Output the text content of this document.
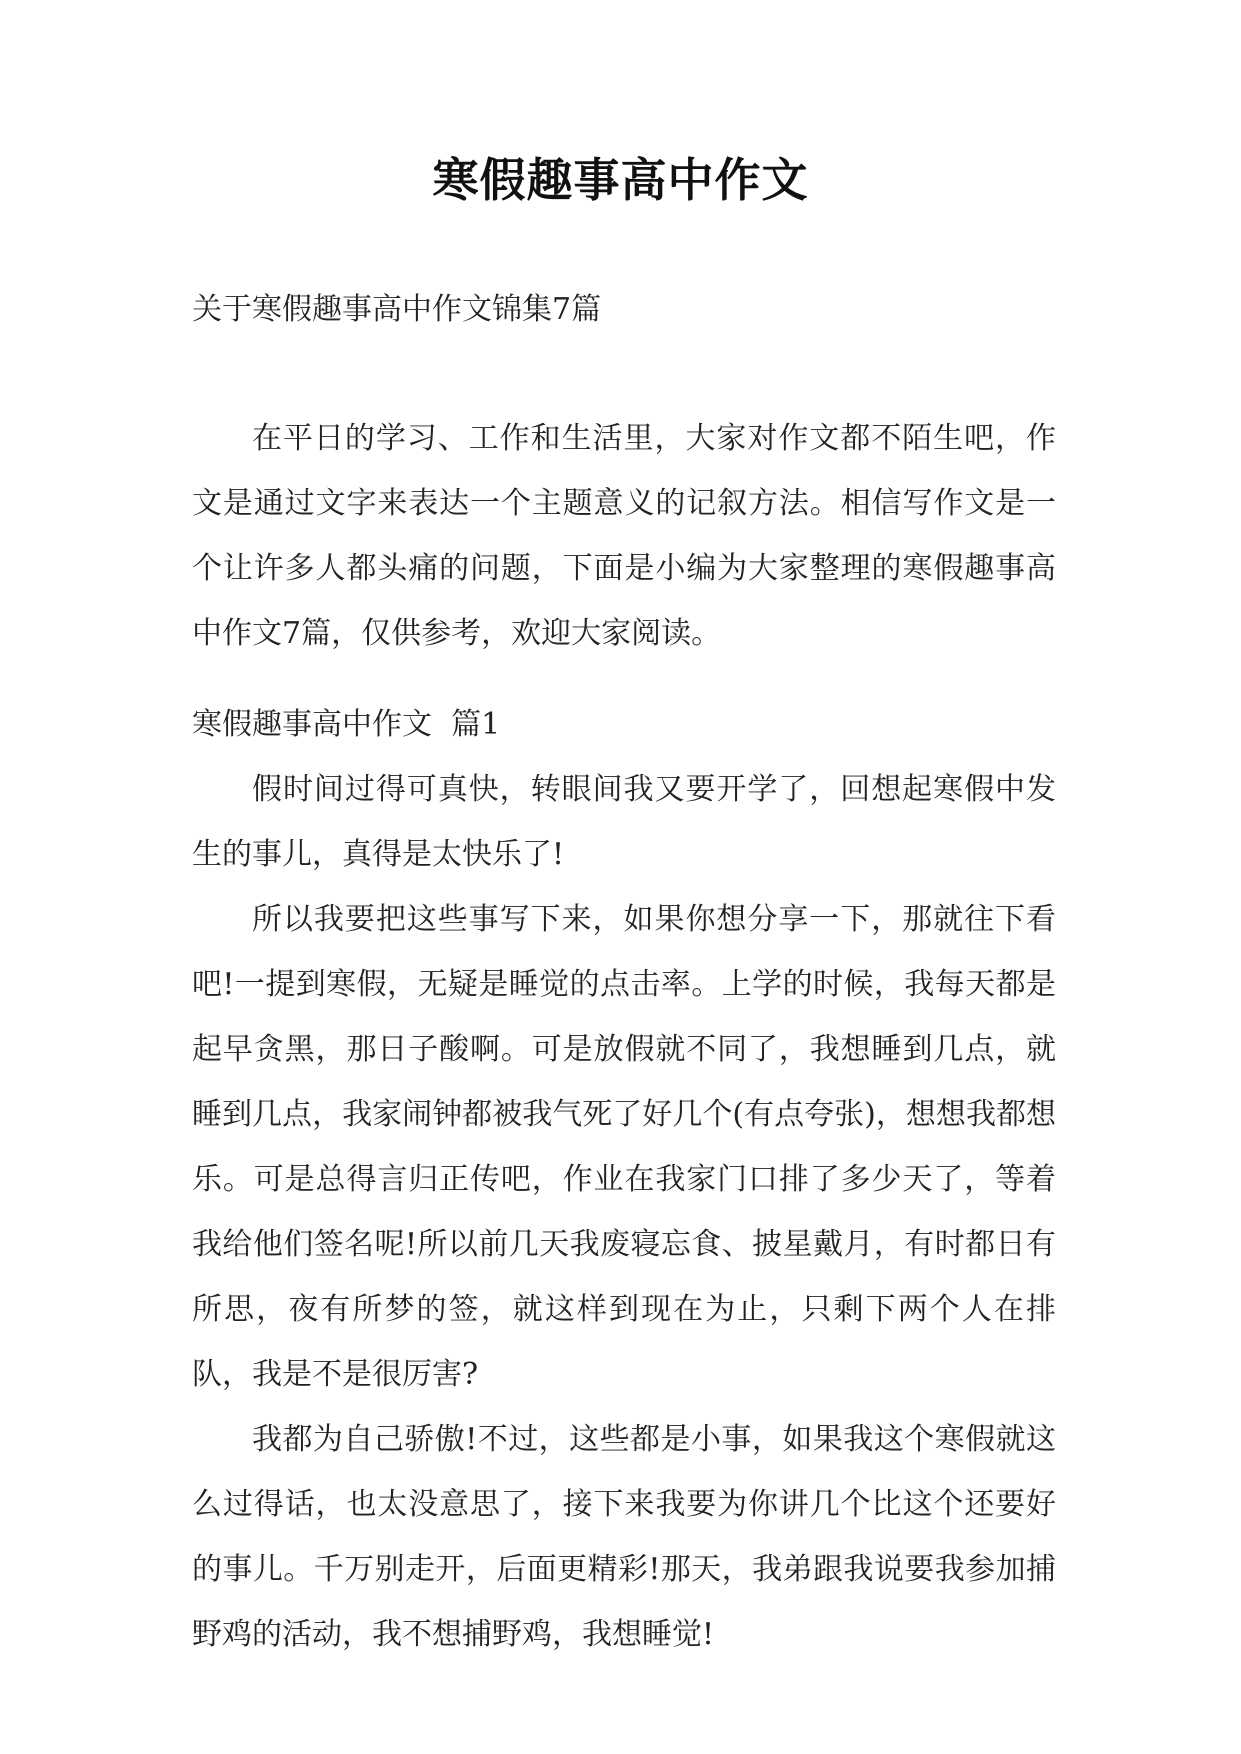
寒假趣事高中作文
关于寒假趣事高中作文锦集7篇

在平日的学习、工作和生活里，大家对作文都不陌生吧，作文是通过文字来表达一个主题意义的记叙方法。相信写作文是一个让许多人都头痛的问题，下面是小编为大家整理的寒假趣事高中作文7篇，仅供参考，欢迎大家阅读。

寒假趣事高中作文  篇1

假时间过得可真快，转眼间我又要开学了，回想起寒假中发生的事儿，真得是太快乐了!

所以我要把这些事写下来，如果你想分享一下，那就往下看吧!一提到寒假，无疑是睡觉的点击率。上学的时候，我每天都是起早贪黑，那日子酸啊。可是放假就不同了，我想睡到几点，就睡到几点，我家闹钟都被我气死了好几个(有点夸张)，想想我都想乐。可是总得言归正传吧，作业在我家门口排了多少天了，等着我给他们签名呢!所以前几天我废寝忘食、披星戴月，有时都日有所思，夜有所梦的签，就这样到现在为止，只剩下两个人在排队，我是不是很厉害?

我都为自己骄傲!不过，这些都是小事，如果我这个寒假就这么过得话，也太没意思了，接下来我要为你讲几个比这个还要好的事儿。千万别走开，后面更精彩!那天，我弟跟我说要我参加捕野鸡的活动，我不想捕野鸡，我想睡觉!
